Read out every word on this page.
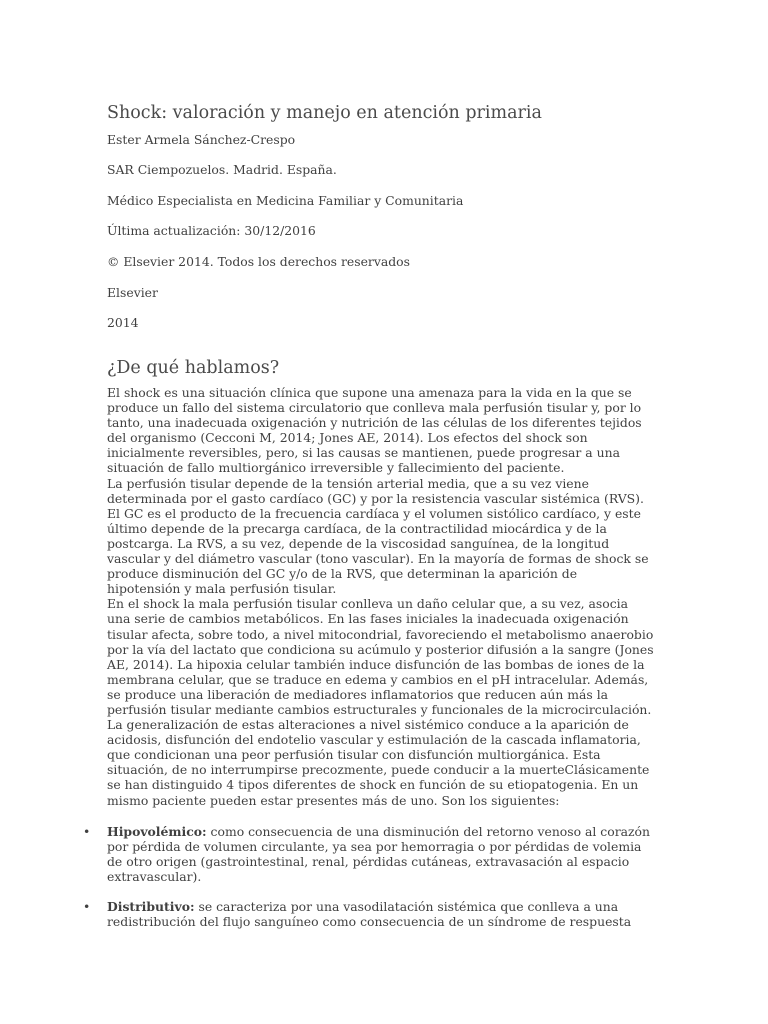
Shock: valoración y manejo en atención primaria

Ester Armela Sánchez-Crespo

SAR Ciempozuelos. Madrid. España.

Médico Especialista en Medicina Familiar y Comunitaria

Última actualización: 30/12/2016

© Elsevier 2014. Todos los derechos reservados

Elsevier

2014

¿De qué hablamos?
El shock es una situación clínica que supone una amenaza para la vida en la que se
produce un fallo del sistema circulatorio que conlleva mala perfusión tisular y, por lo
tanto, una inadecuada oxigenación y nutrición de las células de los diferentes tejidos
del organismo (Cecconi M, 2014; Jones AE, 2014). Los efectos del shock son
inicialmente reversibles, pero, si las causas se mantienen, puede progresar a una
situación de fallo multiorgánico irreversible y fallecimiento del paciente.
La perfusión tisular depende de la tensión arterial media, que a su vez viene
determinada por el gasto cardíaco (GC) y por la resistencia vascular sistémica (RVS).
El GC es el producto de la frecuencia cardíaca y el volumen sistólico cardíaco, y este
último depende de la precarga cardíaca, de la contractilidad miocárdica y de la
postcarga. La RVS, a su vez, depende de la viscosidad sanguínea, de la longitud
vascular y del diámetro vascular (tono vascular). En la mayoría de formas de shock se
produce disminución del GC y/o de la RVS, que determinan la aparición de
hipotensión y mala perfusión tisular.
En el shock la mala perfusión tisular conlleva un daño celular que, a su vez, asocia
una serie de cambios metabólicos. En las fases iniciales la inadecuada oxigenación
tisular afecta, sobre todo, a nivel mitocondrial, favoreciendo el metabolismo anaerobio
por la vía del lactato que condiciona su acúmulo y posterior difusión a la sangre (Jones
AE, 2014). La hipoxia celular también induce disfunción de las bombas de iones de la
membrana celular, que se traduce en edema y cambios en el pH intracelular. Además,
se produce una liberación de mediadores inflamatorios que reducen aún más la
perfusión tisular mediante cambios estructurales y funcionales de la microcirculación.
La generalización de estas alteraciones a nivel sistémico conduce a la aparición de
acidosis, disfunción del endotelio vascular y estimulación de la cascada inflamatoria,
que condicionan una peor perfusión tisular con disfunción multiorgánica. Esta
situación, de no interrumpirse precozmente, puede conducir a la muerteClásicamente
se han distinguido 4 tipos diferentes de shock en función de su etiopatogenia. En un
mismo paciente pueden estar presentes más de uno. Son los siguientes:
• Hipovolémico: como consecuencia de una disminución del retorno venoso al corazón
por pérdida de volumen circulante, ya sea por hemorragia o por pérdidas de volemia
de otro origen (gastrointestinal, renal, pérdidas cutáneas, extravasación al espacio
extravascular).
• Distributivo: se caracteriza por una vasodilatación sistémica que conlleva a una
redistribución del flujo sanguíneo como consecuencia de un síndrome de respuesta
